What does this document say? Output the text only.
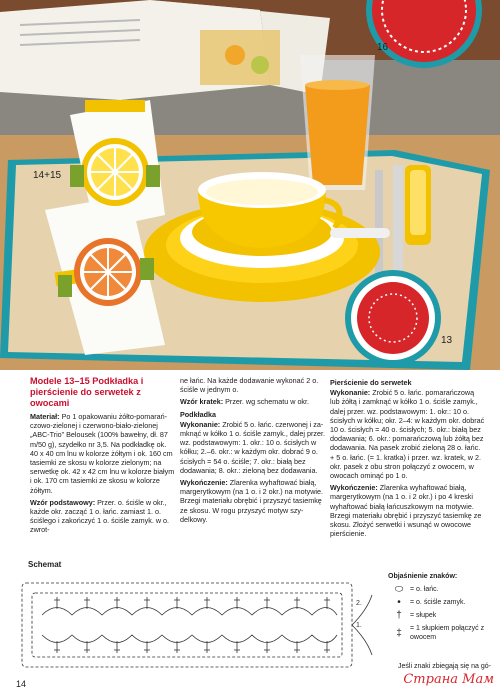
14+15
16
13
Modele 13–15 Podkładka i pierścienie do serwetek z owocami

Materiał: Po 1 opakowaniu żółto-pomarańczowo-zielonej i czerwono-biało-zielonej „ABC-Trio” Belousek (100% bawełny, dł. 87 m/50 g), szydełko nr 3,5. Na podkładkę ok. 40 x 40 cm lnu w kolorze żółtym i ok. 160 cm tasiemki ze skosu w kolorze zielonym; na serwetkę ok. 42 x 42 cm lnu w kolorze białym i ok. 170 cm tasiemki ze skosu w kolorze żółtym.

Wzór podstawowy: Przer. o. ściśle w okr., każde okr. zacząć 1 o. łańc. zamiast 1. o. ściślego i zakończyć 1 o. ściśle zamyk. w o. zwrot-

ne łańc. Na każde dodawanie wykonać 2 o. ściśle w jednym o.

Wzór kratek: Przer. wg schematu w okr.

Podkładka

Wykonanie: Zrobić 5 o. łańc. czerwonej i zamknąć w kółko 1 o. ściśle zamyk., dalej przer. wz. podstawowym: 1. okr.: 10 o. ścisłych w kółku; 2.–6. okr.: w każdym okr. dobrać 9 o. ścisłych = 54 o. ściśle; 7. okr.: białą bez dodawania; 8. okr.: zieloną bez dodawania.

Wykończenie: Zlarenka wyhaftować białą, margerytkowym (na 1 o. i 2 okr.) na motywie. Brzegi materiału obrębić i przyszyć tasiemkę ze skosu. W rogu przyszyć motyw szydelkowy.

Pierścienie do serwetek

Wykonanie: Zrobić 5 o. łańc. pomarańczową lub żółtą i zamknąć w kółko 1 o. ściśle zamyk., dalej przer. wz. podstawowym: 1. okr.: 10 o. ścisłych w kółku; okr. 2–4: w każdym okr. dobrać 10 o. ścisłych = 40 o. ścisłych; 5. okr.: białą bez dodawania; 6. okr.: pomarańczową lub żółtą bez dodawania. Na pasek zrobić zieloną 28 o. łańc. + 5 o. łańc. (= 1. kratka) i przer. wz. kratek, w 2. okr. pasek z obu stron połączyć z owocem, w owocach ominąć po 1 o.

Wykończenie: Zlarenka wyhaftować białą, margerytkowym (na 1 o. i 2 okr.) i po 4 kreski wyhaftować białą łańcuszkowym na motywie. Brzegi materiału obrębić i przyszyć tasiemkę ze skosu. Złożyć serwetki i wsunąć w owocowe pierścienie.

Schemat
2.
1.
Objaśnienie znaków:
⬭ = o. łańc.
•	= o. ściśle zamyk.
†	= słupek
‡	= 1 słupkiem połączyć z owocem
Jeśli znaki zbiegają się na gó-
14	Страна Мам
